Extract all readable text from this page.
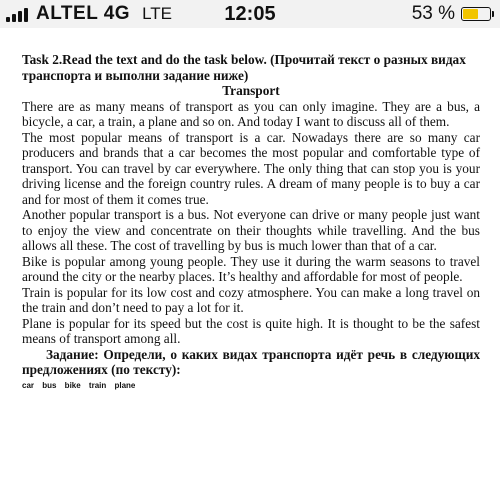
ALTEL 4G LTE	12:05	53 %

Task 2.Read the text and do the task below. (Прочитай текст о разных видах транспорта и выполни задание ниже)

Transport

There are as many means of transport as you can only imagine. They are a bus, a bicycle, a car, a train, a plane and so on. And today I want to discuss all of them.

The most popular means of transport is a car. Nowadays there are so many car producers and brands that a car becomes the most popular and comfortable type of transport. You can travel by car everywhere. The only thing that can stop you is your driving license and the foreign country rules. A dream of many people is to buy a car and for most of them it comes true.

Another popular transport is a bus. Not everyone can drive or many people just want to enjoy the view and concentrate on their thoughts while travelling. And the bus allows all these. The cost of travelling by bus is much lower than that of a car.

Bike is popular among young people. They use it during the warm seasons to travel around the city or the nearby places. It’s healthy and affordable for most of people.

Train is popular for its low cost and cozy atmosphere. You can make a long travel on the train and don’t need to pay a lot for it.

Plane is popular for its speed but the cost is quite high. It is thought to be the safest means of transport among all.

Задание: Определи, о каких видах транспорта идёт речь в следующих предложениях (по тексту):

car bus bike train plane
